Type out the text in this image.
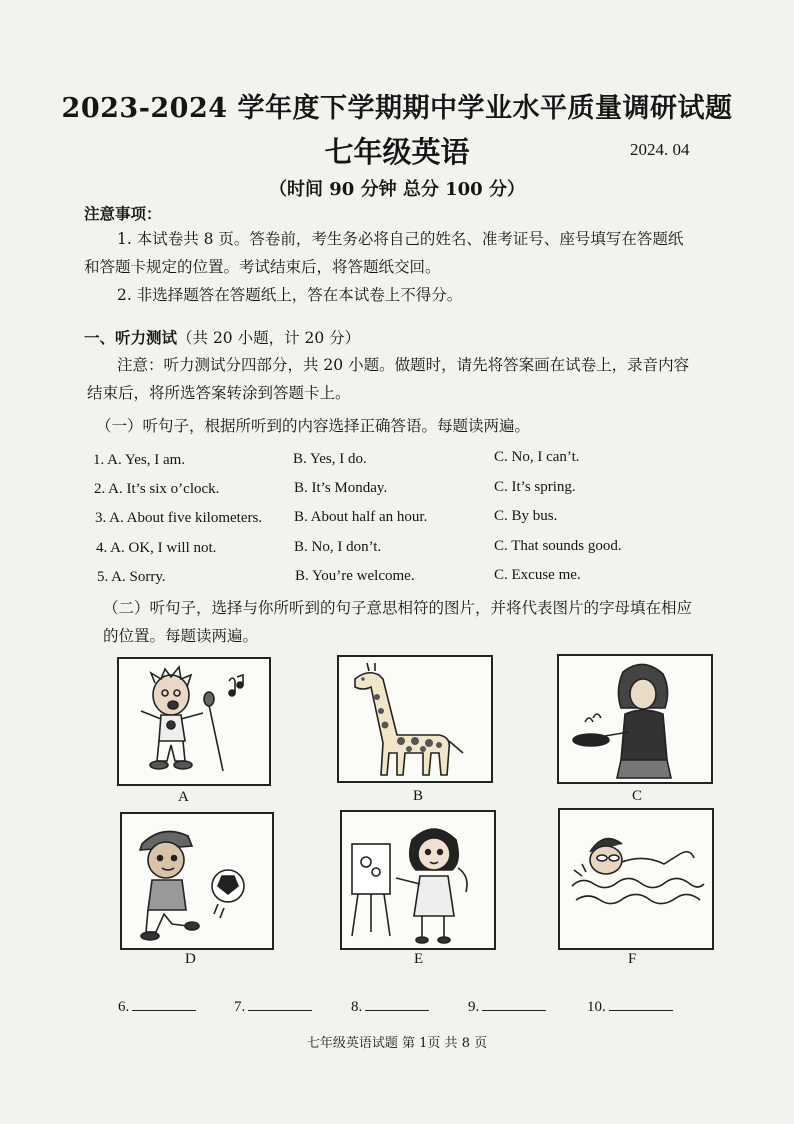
2023-2024 学年度下学期期中学业水平质量调研试题
七年级英语	2024. 04
（时间 90 分钟 总分 100 分）
注意事项：
1. 本试卷共 8 页。答卷前，考生务必将自己的姓名、准考证号、座号填写在答题纸
和答题卡规定的位置。考试结束后，将答题纸交回。
2. 非选择题答在答题纸上，答在本试卷上不得分。
一、听力测试（共 20 小题，计 20 分）
注意：听力测试分四部分，共 20 小题。做题时，请先将答案画在试卷上，录音内容
结束后，将所选答案转涂到答题卡上。
（一）听句子，根据所听到的内容选择正确答语。每题读两遍。
1. A. Yes, I am.	B. Yes, I do.	C. No, I can’t.
2. A. It’s six o’clock.	B. It’s Monday.	C. It’s spring.
3. A. About five kilometers. B. About half an hour.	C. By bus.
4. A. OK, I will not.	B. No, I don’t.	C. That sounds good.
5. A. Sorry.	B. You’re welcome.	C. Excuse me.
（二）听句子，选择与你所听到的句子意思相符的图片，并将代表图片的字母填在相应
的位置。每题读两遍。
A	B	C
D	E	F
6.	7.	8.	9.	10.
七年级英语试题 第 1页 共 8 页
